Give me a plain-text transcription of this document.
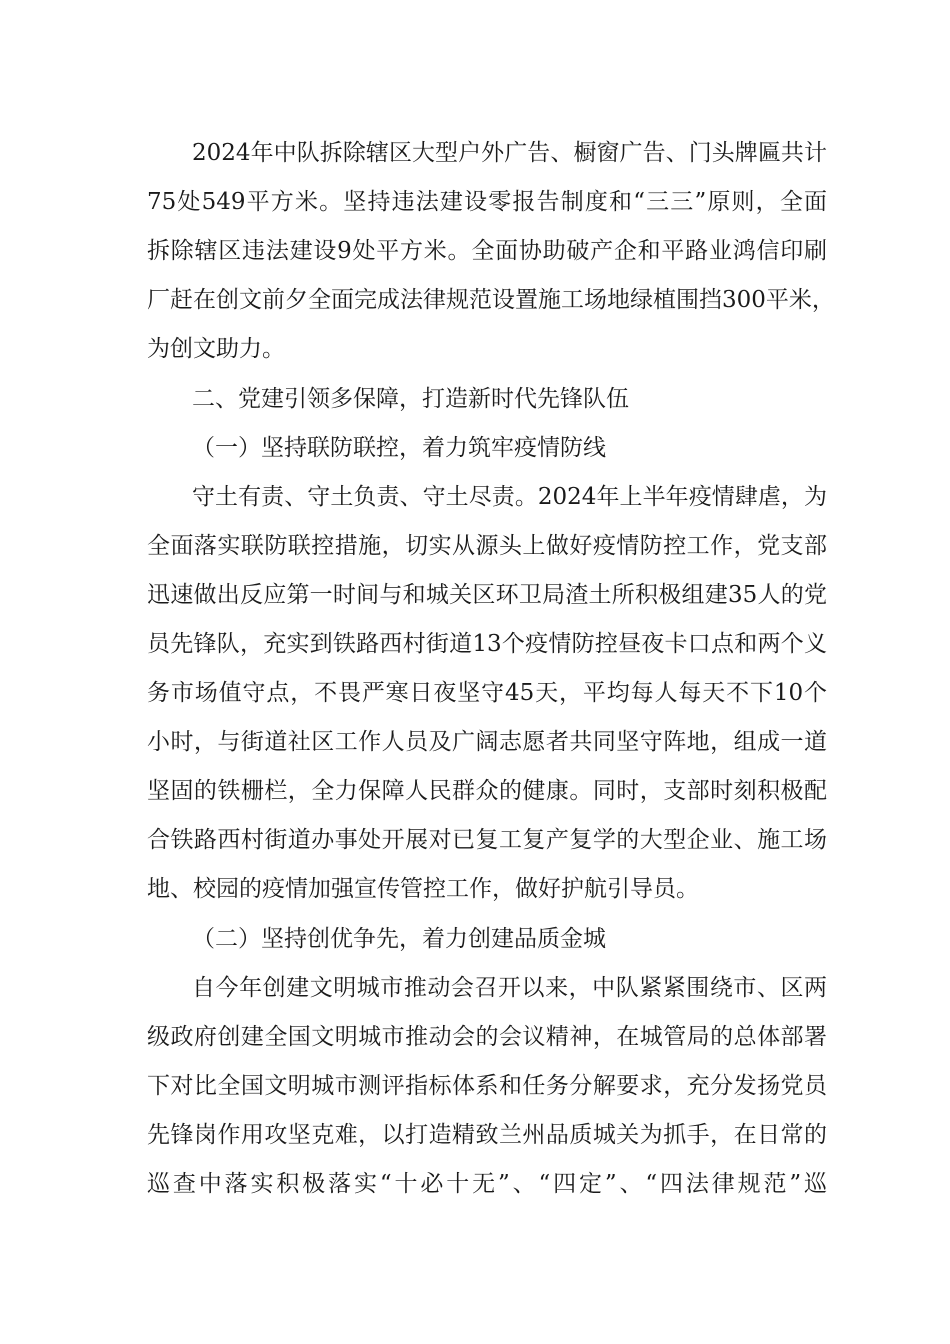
2024年中队拆除辖区大型户外广告、橱窗广告、门头牌匾共计
75处549平方米。坚持违法建设零报告制度和“三三”原则，全面
拆除辖区违法建设9处平方米。全面协助破产企和平路业鸿信印刷
厂赶在创文前夕全面完成法律规范设置施工场地绿植围挡300平米，
为创文助力。
二、党建引领多保障，打造新时代先锋队伍
（一）坚持联防联控，着力筑牢疫情防线
守土有责、守土负责、守土尽责。2024年上半年疫情肆虐，为
全面落实联防联控措施，切实从源头上做好疫情防控工作，党支部
迅速做出反应第一时间与和城关区环卫局渣土所积极组建35人的党
员先锋队，充实到铁路西村街道13个疫情防控昼夜卡口点和两个义
务市场值守点，不畏严寒日夜坚守45天，平均每人每天不下10个
小时，与街道社区工作人员及广阔志愿者共同坚守阵地，组成一道
坚固的铁栅栏，全力保障人民群众的健康。同时，支部时刻积极配
合铁路西村街道办事处开展对已复工复产复学的大型企业、施工场
地、校园的疫情加强宣传管控工作，做好护航引导员。
（二）坚持创优争先，着力创建品质金城
自今年创建文明城市推动会召开以来，中队紧紧围绕市、区两
级政府创建全国文明城市推动会的会议精神，在城管局的总体部署
下对比全国文明城市测评指标体系和任务分解要求，充分发扬党员
先锋岗作用攻坚克难，以打造精致兰州品质城关为抓手，在日常的
巡查中落实积极落实“十必十无”、“四定”、“四法律规范”巡
